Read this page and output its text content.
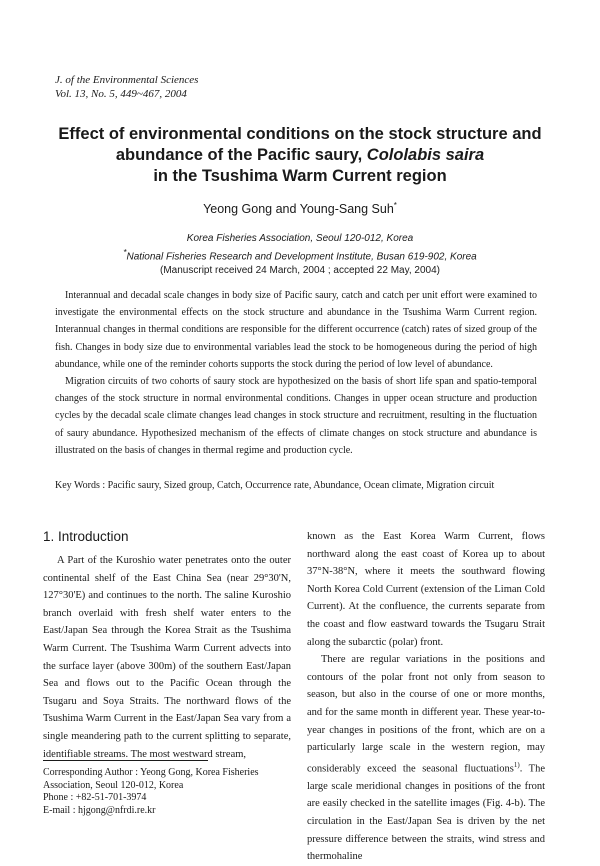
J. of the Environmental Sciences
Vol. 13, No. 5, 449~467, 2004
Effect of environmental conditions on the stock structure and
abundance of the Pacific saury, Cololabis saira
in the Tsushima Warm Current region
Yeong Gong and Young-Sang Suh*
Korea Fisheries Association, Seoul 120-012, Korea
*National Fisheries Research and Development Institute, Busan 619-902, Korea
(Manuscript received 24 March, 2004 ; accepted 22 May, 2004)

Interannual and decadal scale changes in body size of Pacific saury, catch and catch per unit effort were examined to investigate the environmental effects on the stock structure and abundance in the Tsushima Warm Current region. Interannual changes in thermal conditions are responsible for the different occurrence (catch) rates of sized group of the fish. Changes in body size due to environmental variables lead the stock to be homogeneous during the period of high abundance, while one of the reminder cohorts supports the stock during the period of low level of abundance.

Migration circuits of two cohorts of saury stock are hypothesized on the basis of short life span and spatio-temporal changes of the stock structure in normal environmental conditions. Changes in upper ocean structure and production cycles by the decadal scale climate changes lead changes in stock structure and recruitment, resulting in the fluctuation of saury abundance. Hypothesized mechanism of the effects of climate changes on stock structure and abundance is illustrated on the basis of changes in thermal regime and production cycle.

Key Words : Pacific saury, Sized group, Catch, Occurrence rate, Abundance, Ocean climate, Migration circuit
1. Introduction

A Part of the Kuroshio water penetrates onto the outer continental shelf of the East China Sea (near 29°30'N, 127°30'E) and continues to the north. The saline Kuroshio branch overlaid with fresh shelf water enters to the East/Japan Sea through the Korea Strait as the Tsushima Warm Current. The Tsushima Warm Current advects into the surface layer (above 300m) of the southern East/Japan Sea and flows out to the Pacific Ocean through the Tsugaru and Soya Straits. The northward flows of the Tsushima Warm Current in the East/Japan Sea vary from a single meandering path to the current splitting to separate, identifiable streams. The most westward stream,

known as the East Korea Warm Current, flows northward along the east coast of Korea up to about 37°N-38°N, where it meets the southward flowing North Korea Cold Current (extension of the Liman Cold Current). At the confluence, the currents separate from the coast and flow eastward towards the Tsugaru Strait along the subarctic (polar) front.

There are regular variations in the positions and contours of the polar front not only from season to season, but also in the course of one or more months, and for the same month in different year. These year-to-year changes in positions of the front, which are on a particularly large scale in the western region, may considerably exceed the seasonal fluctuations$^{1)}$. The large scale meridional changes in positions of the front are easily checked in the satellite images (Fig. 4-b). The circulation in the East/Japan Sea is driven by the net pressure difference between the straits, wind stress and thermohaline

Corresponding Author : Yeong Gong, Korea Fisheries
Association, Seoul 120-012, Korea
Phone : +82-51-701-3974
E-mail : hjgong@nfrdi.re.kr
